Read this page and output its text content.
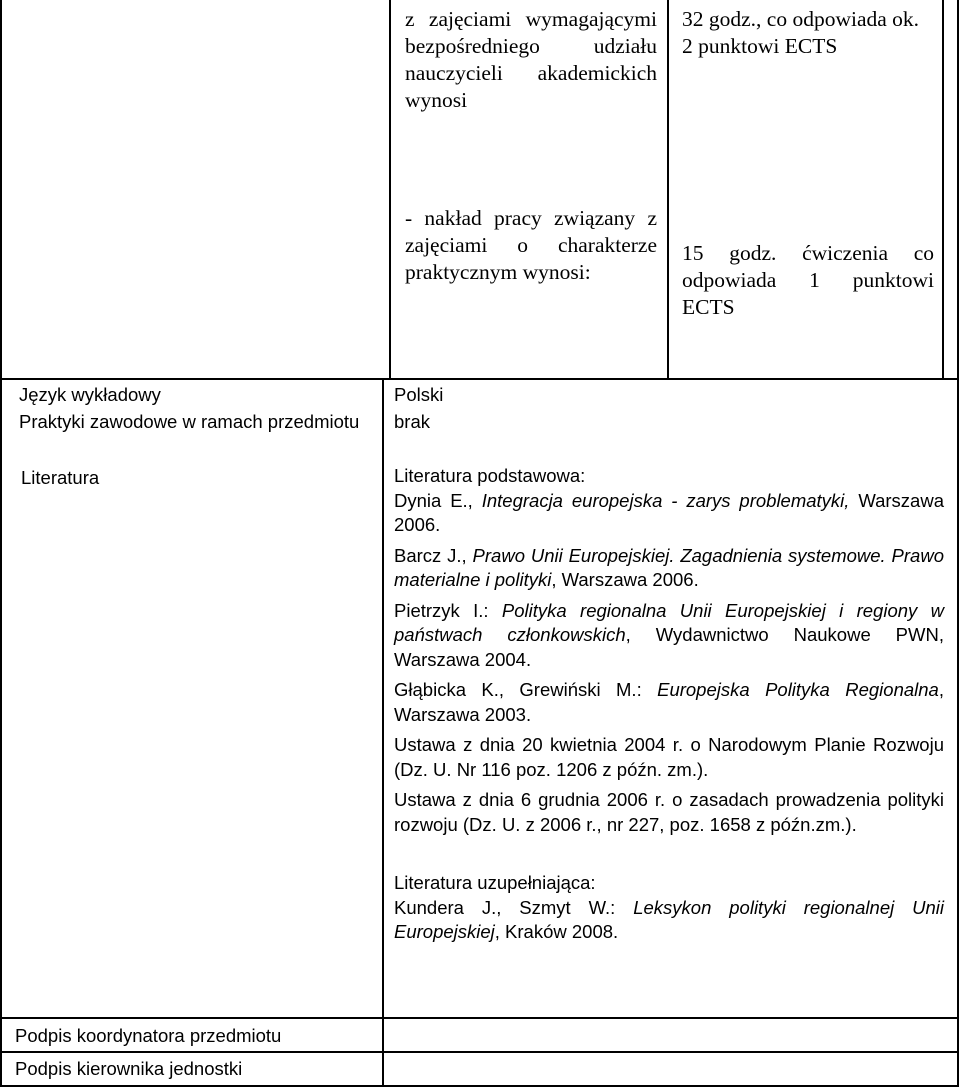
z zajęciami wymagającymi bezpośredniego udziału nauczycieli akademickich wynosi
32 godz., co odpowiada ok. 2 punktowi ECTS
- nakład pracy związany z zajęciami o charakterze praktycznym wynosi:
15 godz. ćwiczenia co odpowiada 1 punktowi ECTS
Język wykładowy
Praktyki zawodowe w ramach przedmiotu
Literatura
Podpis koordynatora przedmiotu
Podpis kierownika jednostki
Polski
brak
Literatura podstawowa:
Dynia E., Integracja europejska - zarys problematyki, Warszawa 2006.
Barcz J., Prawo Unii Europejskiej. Zagadnienia systemowe. Prawo materialne i polityki, Warszawa 2006.
Pietrzyk I.: Polityka regionalna Unii Europejskiej i regiony w państwach członkowskich, Wydawnictwo Naukowe PWN, Warszawa 2004.
Głąbicka K., Grewiński M.: Europejska Polityka Regionalna, Warszawa 2003.
Ustawa z dnia 20 kwietnia 2004 r. o Narodowym Planie Rozwoju (Dz. U. Nr 116 poz. 1206 z późn. zm.).
Ustawa z dnia 6 grudnia 2006 r. o zasadach prowadzenia polityki rozwoju (Dz. U. z 2006 r., nr 227, poz. 1658 z późn.zm.).
Literatura uzupełniająca:
Kundera J., Szmyt W.: Leksykon polityki regionalnej Unii Europejskiej, Kraków 2008.
